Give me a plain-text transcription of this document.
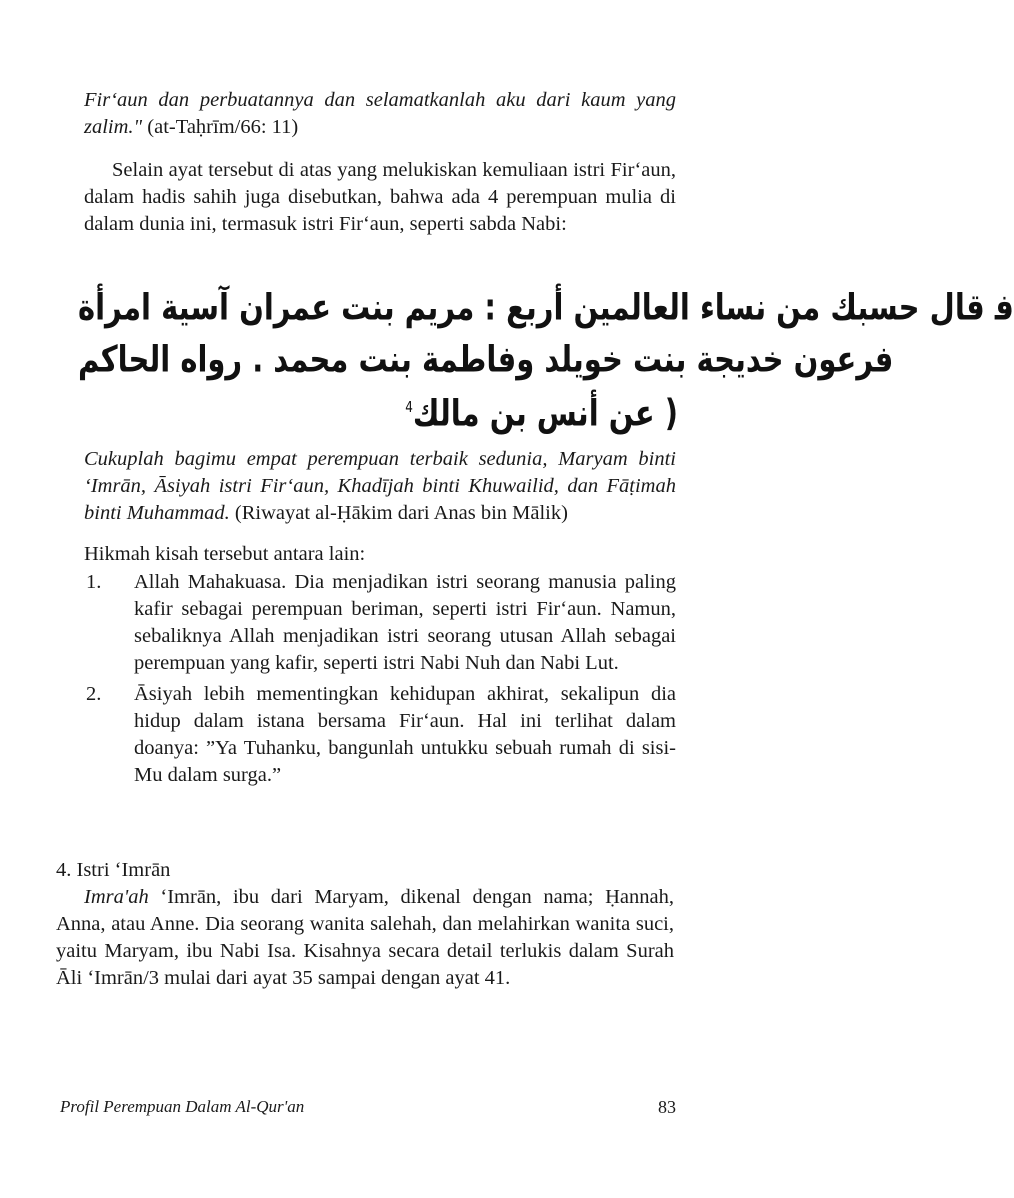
Fir‘aun dan perbuatannya dan selamatkanlah aku dari kaum yang zalim." (at-Taḥrīm/66: 11)

Selain ayat tersebut di atas yang melukiskan kemuliaan istri Fir‘aun, dalam hadis sahih juga disebutkan, bahwa ada 4 perempuan mulia di dalam dunia ini, termasuk istri Fir‘aun, seperti sabda Nabi:

ﻓ ﻗﺎﻝ ﺣﺴﺒﻚ ﻣﻦ ﻧﺴﺎﺀ ﺍﻟﻌﺎﻟﻤﻴﻦ ﺃﺭﺑﻊ : ﻣﺮﻳﻢ ﺑﻨﺖ ﻋﻤﺮﺍﻥ ﺁﺳﻴﺔ ﺍﻣﺮﺃﺓ
ﻓﺮﻋﻮﻥ ﺧﺪﻳﺠﺔ ﺑﻨﺖ ﺧﻮﻳﻠﺪ ﻭﻓﺎﻃﻤﺔ ﺑﻨﺖ ﻣﺤﻤﺪ . ﺭﻭﺍﻩ ﺍﻟﺤﺎﻛﻢ
$^4$ﻋﻦ ﺃﻧﺲ ﺑﻦ ﻣﺎﻟﻚ )

Cukuplah bagimu empat perempuan terbaik sedunia, Maryam binti ‘Imrān, Āsiyah istri Fir‘aun, Khadījah binti Khuwailid, dan Fāṭimah binti Muhammad. (Riwayat al-Ḥākim dari Anas bin Mālik)

Hikmah kisah tersebut antara lain:

1. Allah Mahakuasa. Dia menjadikan istri seorang manusia paling kafir sebagai perempuan beriman, seperti istri Fir‘aun. Namun, sebaliknya Allah menjadikan istri seorang utusan Allah sebagai perempuan yang kafir, seperti istri Nabi Nuh dan Nabi Lut.
2. Āsiyah lebih mementingkan kehidupan akhirat, sekalipun dia hidup dalam istana bersama Fir‘aun. Hal ini terlihat dalam doanya: ”Ya Tuhanku, bangunlah untukku sebuah rumah di sisi-Mu dalam surga.”
4. Istri ‘Imrān

Imra'ah ‘Imrān, ibu dari Maryam, dikenal dengan nama; Ḥannah, Anna, atau Anne. Dia seorang wanita salehah, dan melahirkan wanita suci, yaitu Maryam, ibu Nabi Isa. Kisahnya secara detail terlukis dalam Surah Āli ‘Imrān/3 mulai dari ayat 35 sampai dengan ayat 41.

Profil Perempuan Dalam Al-Qur'an	83
